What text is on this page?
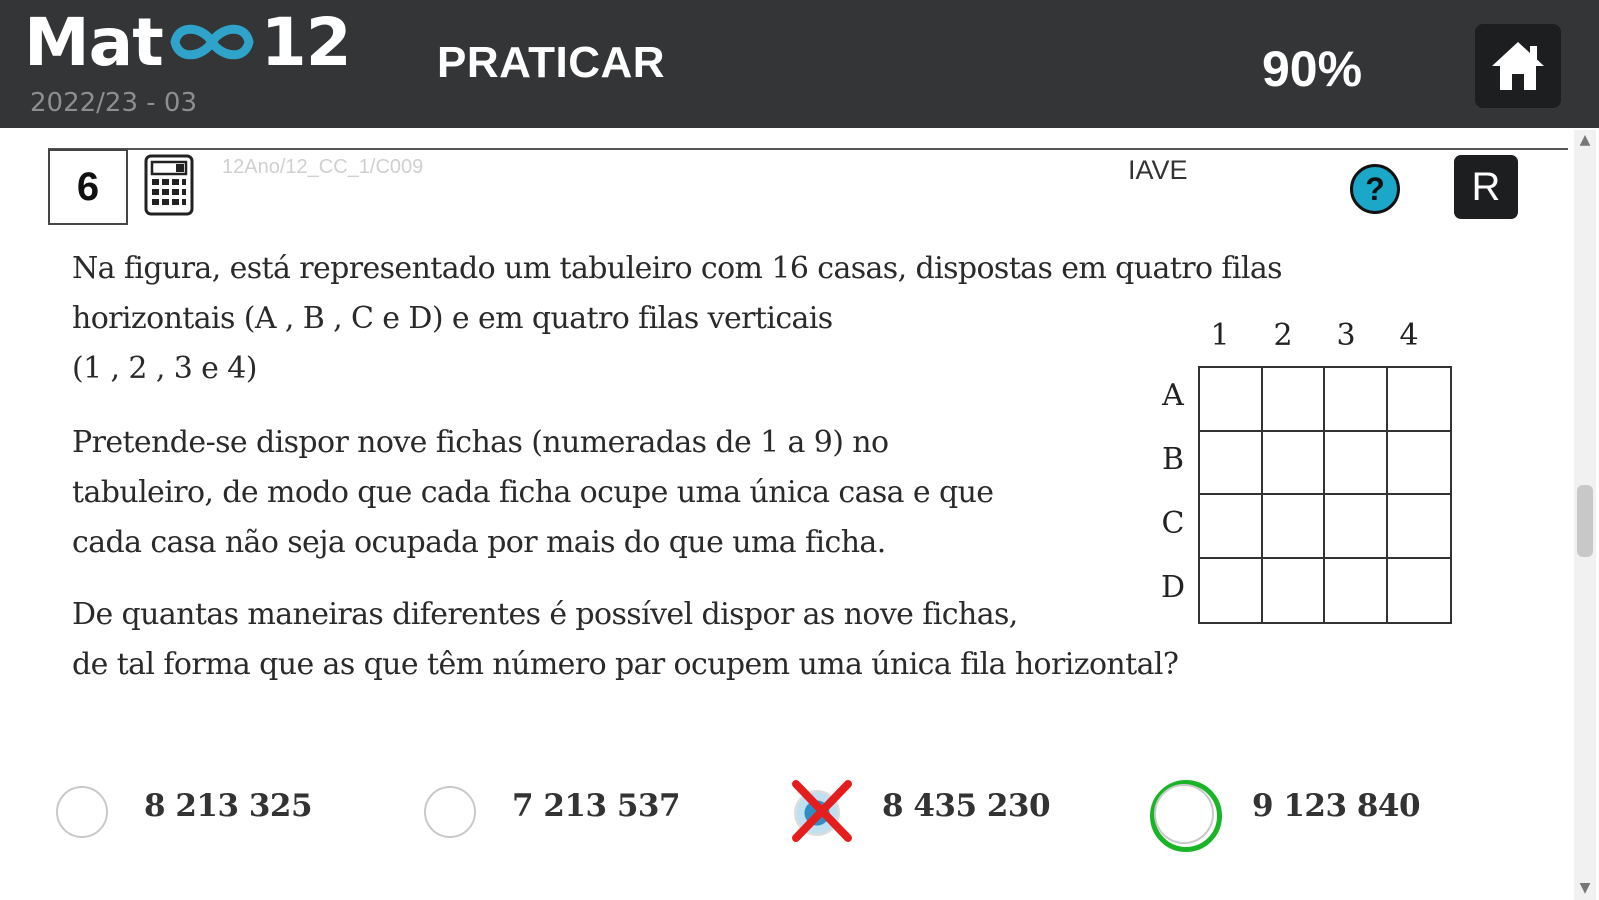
Mat 12
2022/23 - 03
PRATICAR	90%
6	12Ano/12_CC_1/C009	IAVE
? R
Na figura, está representado um tabuleiro com 16 casas, dispostas em quatro filas
horizontais (A , B , C e D) e em quatro filas verticais
(1 , 2 , 3 e 4)
Pretende-se dispor nove fichas (numeradas de 1 a 9) no
tabuleiro, de modo que cada ficha ocupe uma única casa e que
cada casa não seja ocupada por mais do que uma ficha.
De quantas maneiras diferentes é possível dispor as nove fichas,
de tal forma que as que têm número par ocupem uma única fila horizontal?
1	2	3	4
A
B
C
D
8 213 325	7 213 537	8 435 230	9 123 840
▲
▼
